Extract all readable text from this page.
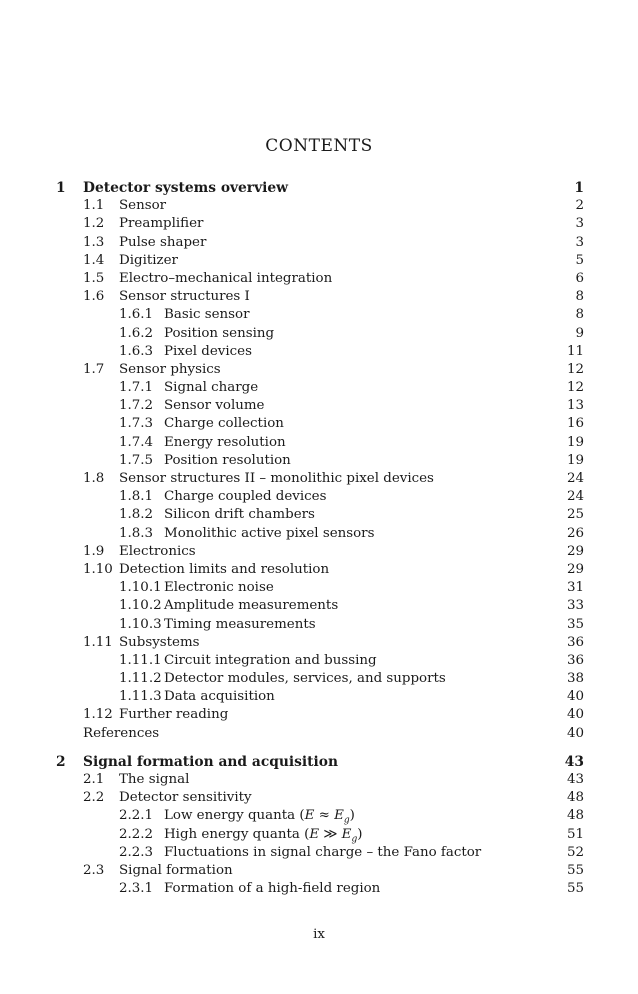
CONTENTS
1 Detector systems overview	1
1.1 Sensor	2
1.2 Preamplifier	3
1.3 Pulse shaper	3
1.4 Digitizer	5
1.5 Electro–mechanical integration	6
1.6 Sensor structures I	8
1.6.1 Basic sensor	8
1.6.2 Position sensing	9
1.6.3 Pixel devices	11
1.7 Sensor physics	12
1.7.1 Signal charge	12
1.7.2 Sensor volume	13
1.7.3 Charge collection	16
1.7.4 Energy resolution	19
1.7.5 Position resolution	19
1.8 Sensor structures II – monolithic pixel devices	24
1.8.1 Charge coupled devices	24
1.8.2 Silicon drift chambers	25
1.8.3 Monolithic active pixel sensors	26
1.9 Electronics	29
1.10 Detection limits and resolution	29
1.10.1 Electronic noise	31
1.10.2 Amplitude measurements	33
1.10.3 Timing measurements	35
1.11 Subsystems	36
1.11.1 Circuit integration and bussing	36
1.11.2 Detector modules, services, and supports	38
1.11.3 Data acquisition	40
1.12 Further reading	40
References	40
2 Signal formation and acquisition	43
2.1 The signal	43
2.2 Detector sensitivity	48
2.2.1 Low energy quanta $(E \approx E_g)$	48
2.2.2 High energy quanta (E ≫ $E_g$)	51
2.2.3 Fluctuations in signal charge – the Fano factor	52
2.3 Signal formation	55
2.3.1 Formation of a high-field region	55
ix
